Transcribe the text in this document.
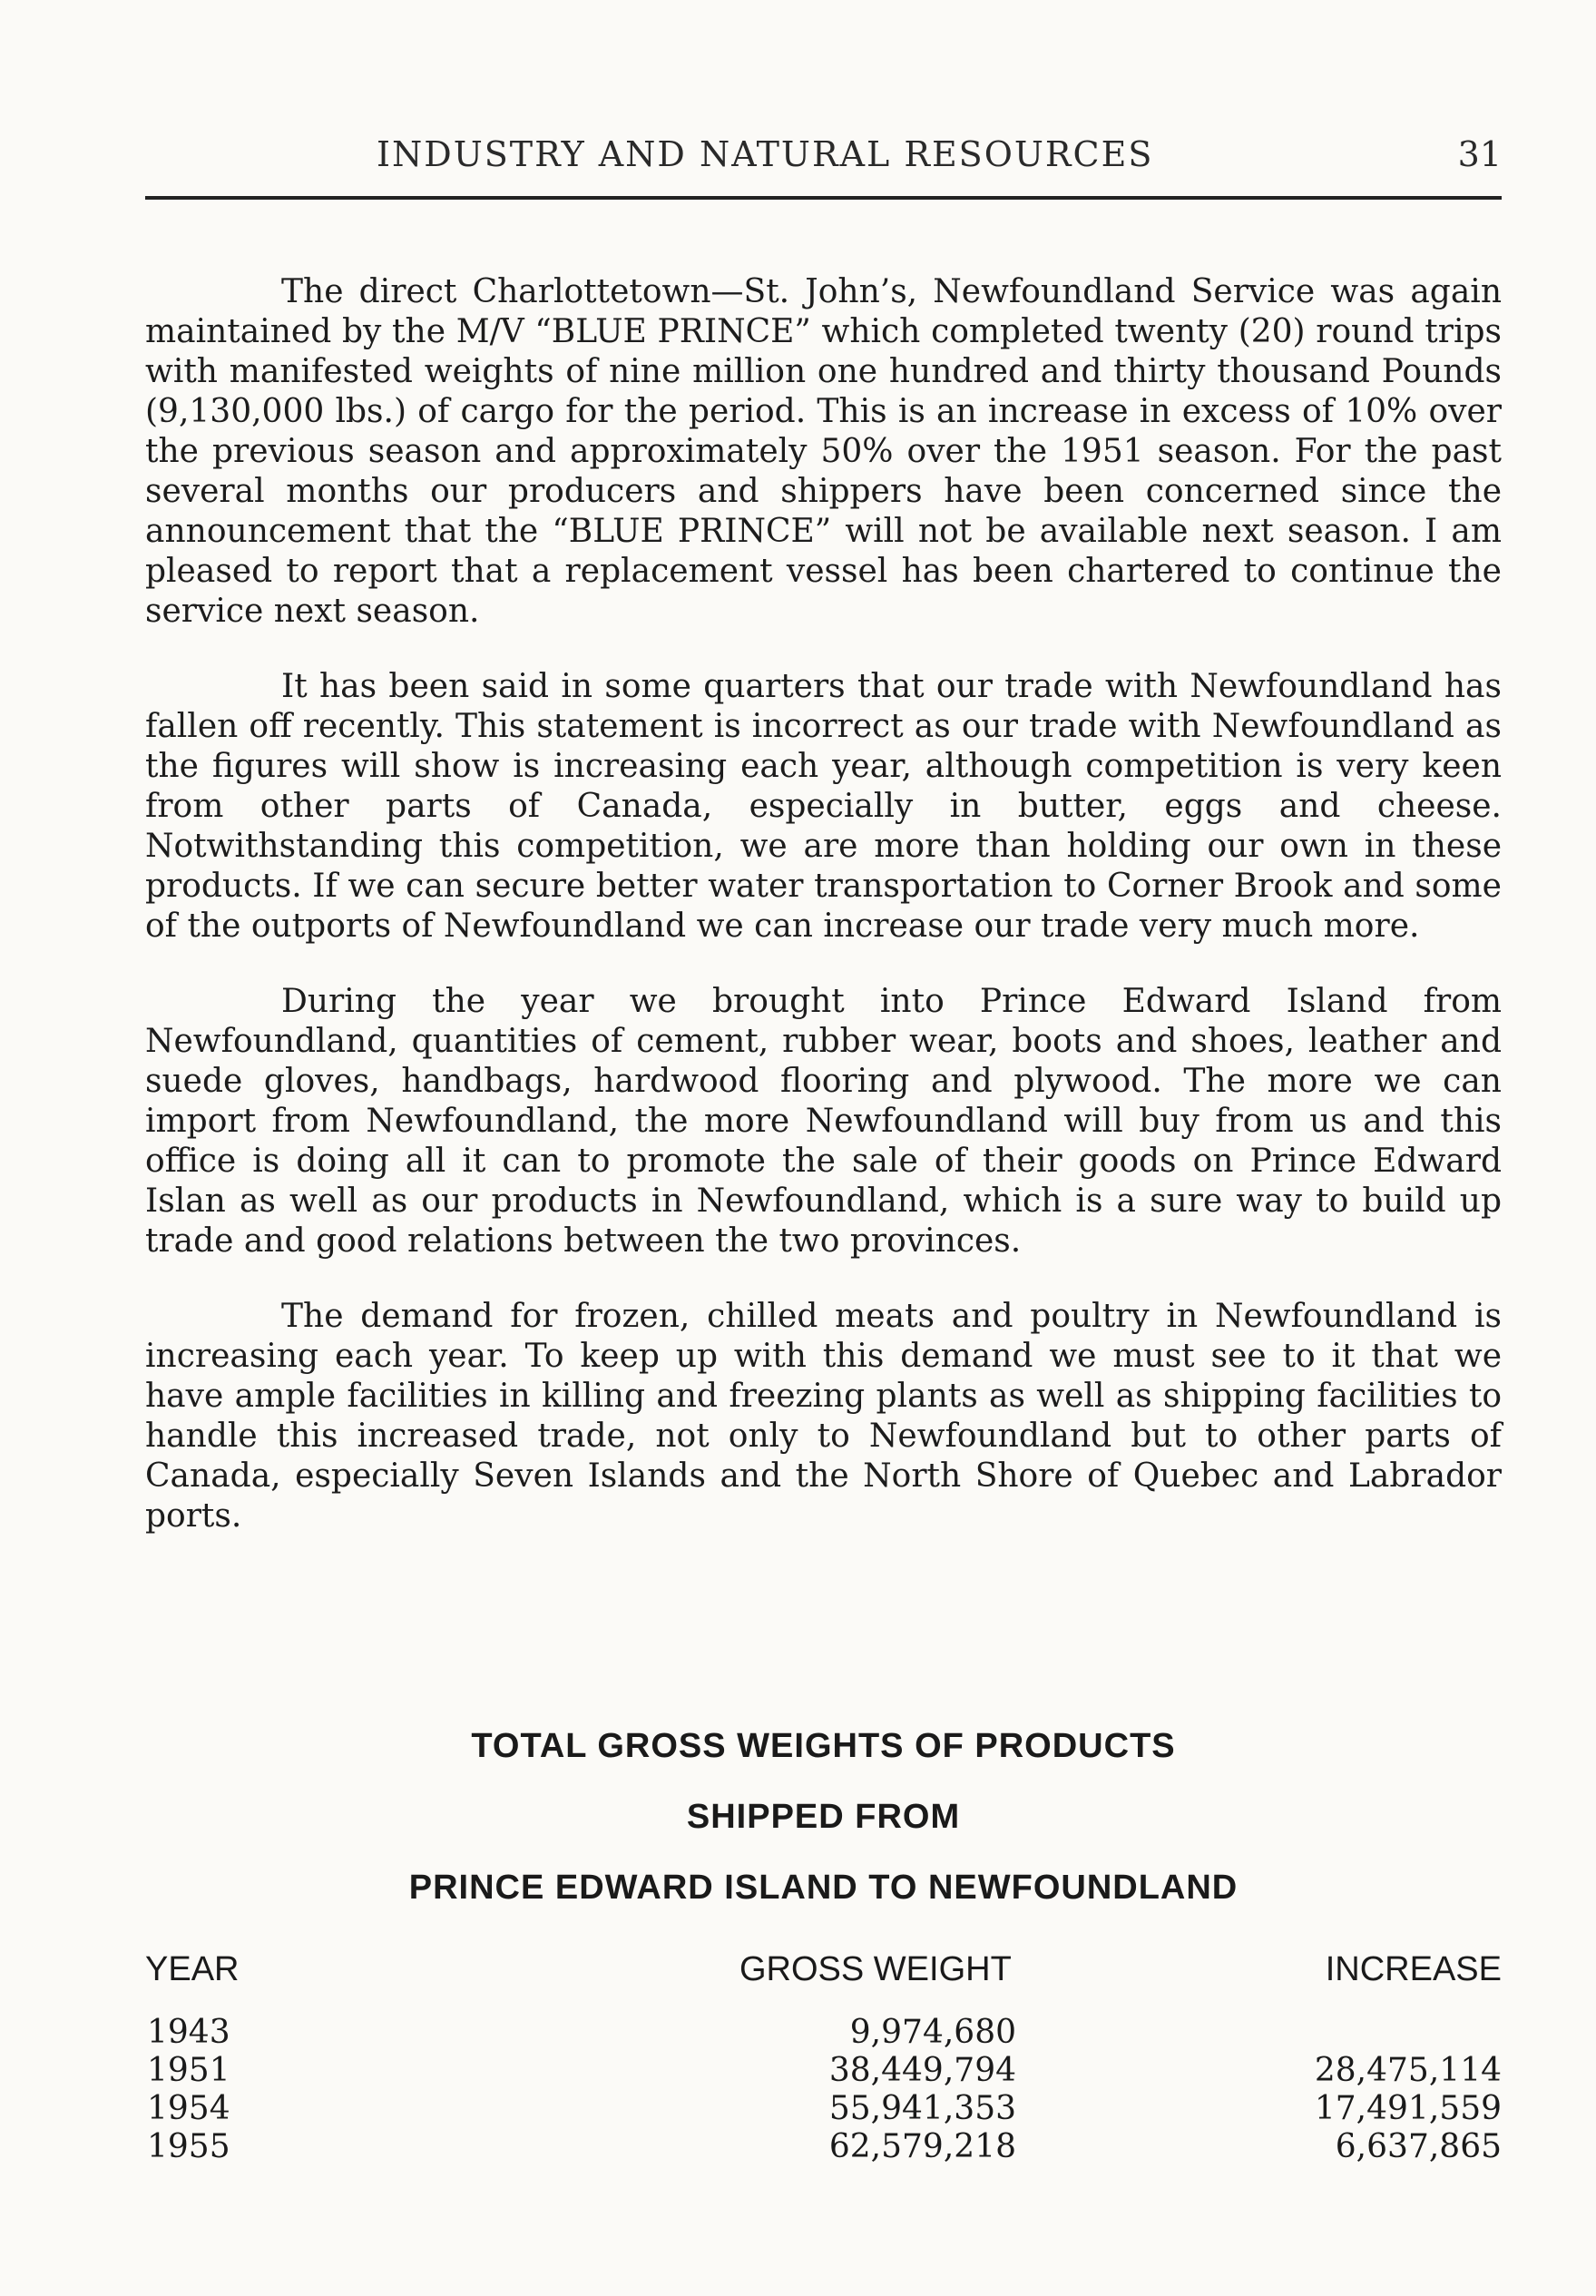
INDUSTRY AND NATURAL RESOURCES	31

The direct Charlottetown—St. John’s, Newfoundland Service was again maintained by the M/V “BLUE PRINCE” which completed twenty (20) round trips with manifested weights of nine million one hundred and thirty thousand Pounds (9,130,000 lbs.) of cargo for the period. This is an increase in excess of 10% over the previous season and approximately 50% over the 1951 season. For the past several months our producers and shippers have been concerned since the announcement that the “BLUE PRINCE” will not be available next season. I am pleased to report that a replacement vessel has been chartered to continue the service next season.

It has been said in some quarters that our trade with Newfoundland has fallen off recently. This statement is incorrect as our trade with Newfoundland as the figures will show is increasing each year, although competition is very keen from other parts of Canada, especially in butter, eggs and cheese. Notwithstanding this competition, we are more than holding our own in these products. If we can secure better water transportation to Corner Brook and some of the outports of Newfoundland we can increase our trade very much more.

During the year we brought into Prince Edward Island from Newfoundland, quantities of cement, rubber wear, boots and shoes, leather and suede gloves, handbags, hardwood flooring and plywood. The more we can import from Newfoundland, the more Newfoundland will buy from us and this office is doing all it can to promote the sale of their goods on Prince Edward Islan as well as our products in Newfoundland, which is a sure way to build up trade and good relations between the two provinces.

The demand for frozen, chilled meats and poultry in Newfoundland is increasing each year. To keep up with this demand we must see to it that we have ample facilities in killing and freezing plants as well as shipping facilities to handle this increased trade, not only to Newfoundland but to other parts of Canada, especially Seven Islands and the North Shore of Quebec and Labrador ports.

TOTAL GROSS WEIGHTS OF PRODUCTS
SHIPPED FROM
PRINCE EDWARD ISLAND TO NEWFOUNDLAND
YEAR	GROSS WEIGHT	INCREASE
1943	9,974,680
1951	38,449,794	28,475,114
1954	55,941,353	17,491,559
1955	62,579,218	6,637,865
